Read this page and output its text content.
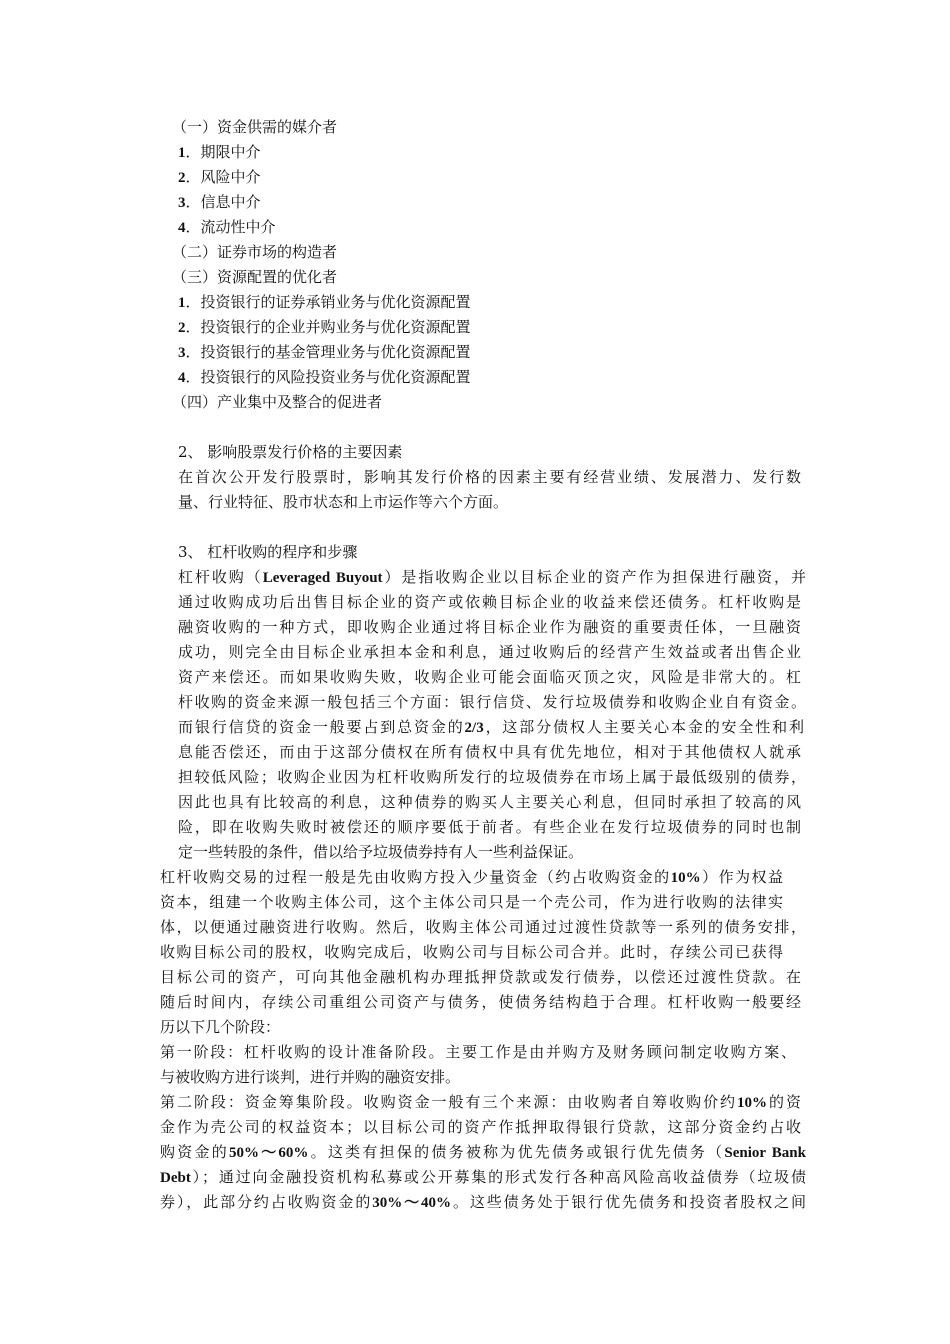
（一）资金供需的媒介者
1．期限中介
2．风险中介
3．信息中介
4．流动性中介
（二）证券市场的构造者
（三）资源配置的优化者
1．投资银行的证券承销业务与优化资源配置
2．投资银行的企业并购业务与优化资源配置
3．投资银行的基金管理业务与优化资源配置
4．投资银行的风险投资业务与优化资源配置
（四）产业集中及整合的促进者
2、 影响股票发行价格的主要因素
在首次公开发行股票时，影响其发行价格的因素主要有经营业绩、发展潜力、发行数
量、行业特征、股市状态和上市运作等六个方面。
3、 杠杆收购的程序和步骤
杠杆收购（Leveraged Buyout）是指收购企业以目标企业的资产作为担保进行融资，并
通过收购成功后出售目标企业的资产或依赖目标企业的收益来偿还债务。杠杆收购是
融资收购的一种方式，即收购企业通过将目标企业作为融资的重要责任体，一旦融资
成功，则完全由目标企业承担本金和利息，通过收购后的经营产生效益或者出售企业
资产来偿还。而如果收购失败，收购企业可能会面临灭顶之灾，风险是非常大的。杠
杆收购的资金来源一般包括三个方面：银行信贷、发行垃圾债券和收购企业自有资金。
而银行信贷的资金一般要占到总资金的2/3，这部分债权人主要关心本金的安全性和利
息能否偿还，而由于这部分债权在所有债权中具有优先地位，相对于其他债权人就承
担较低风险；收购企业因为杠杆收购所发行的垃圾债券在市场上属于最低级别的债券，
因此也具有比较高的利息，这种债券的购买人主要关心利息，但同时承担了较高的风
险，即在收购失败时被偿还的顺序要低于前者。有些企业在发行垃圾债券的同时也制
定一些转股的条件，借以给予垃圾债券持有人一些利益保证。
杠杆收购交易的过程一般是先由收购方投入少量资金（约占收购资金的10%）作为权益
资本，组建一个收购主体公司，这个主体公司只是一个壳公司，作为进行收购的法律实
体，以便通过融资进行收购。然后，收购主体公司通过过渡性贷款等一系列的债务安排，
收购目标公司的股权，收购完成后，收购公司与目标公司合并。此时，存续公司已获得
目标公司的资产，可向其他金融机构办理抵押贷款或发行债券，以偿还过渡性贷款。在
随后时间内，存续公司重组公司资产与债务，使债务结构趋于合理。杠杆收购一般要经
历以下几个阶段：
第一阶段：杠杆收购的设计准备阶段。主要工作是由并购方及财务顾问制定收购方案、
与被收购方进行谈判，进行并购的融资安排。
第二阶段：资金筹集阶段。收购资金一般有三个来源：由收购者自筹收购价约10%的资
金作为壳公司的权益资本；以目标公司的资产作抵押取得银行贷款，这部分资金约占收
购资金的50%～60%。这类有担保的债务被称为优先债务或银行优先债务（Senior Bank
Debt）；通过向金融投资机构私募或公开募集的形式发行各种高风险高收益债券（垃圾债
券），此部分约占收购资金的30%～40%。这些债务处于银行优先债务和投资者股权之间
